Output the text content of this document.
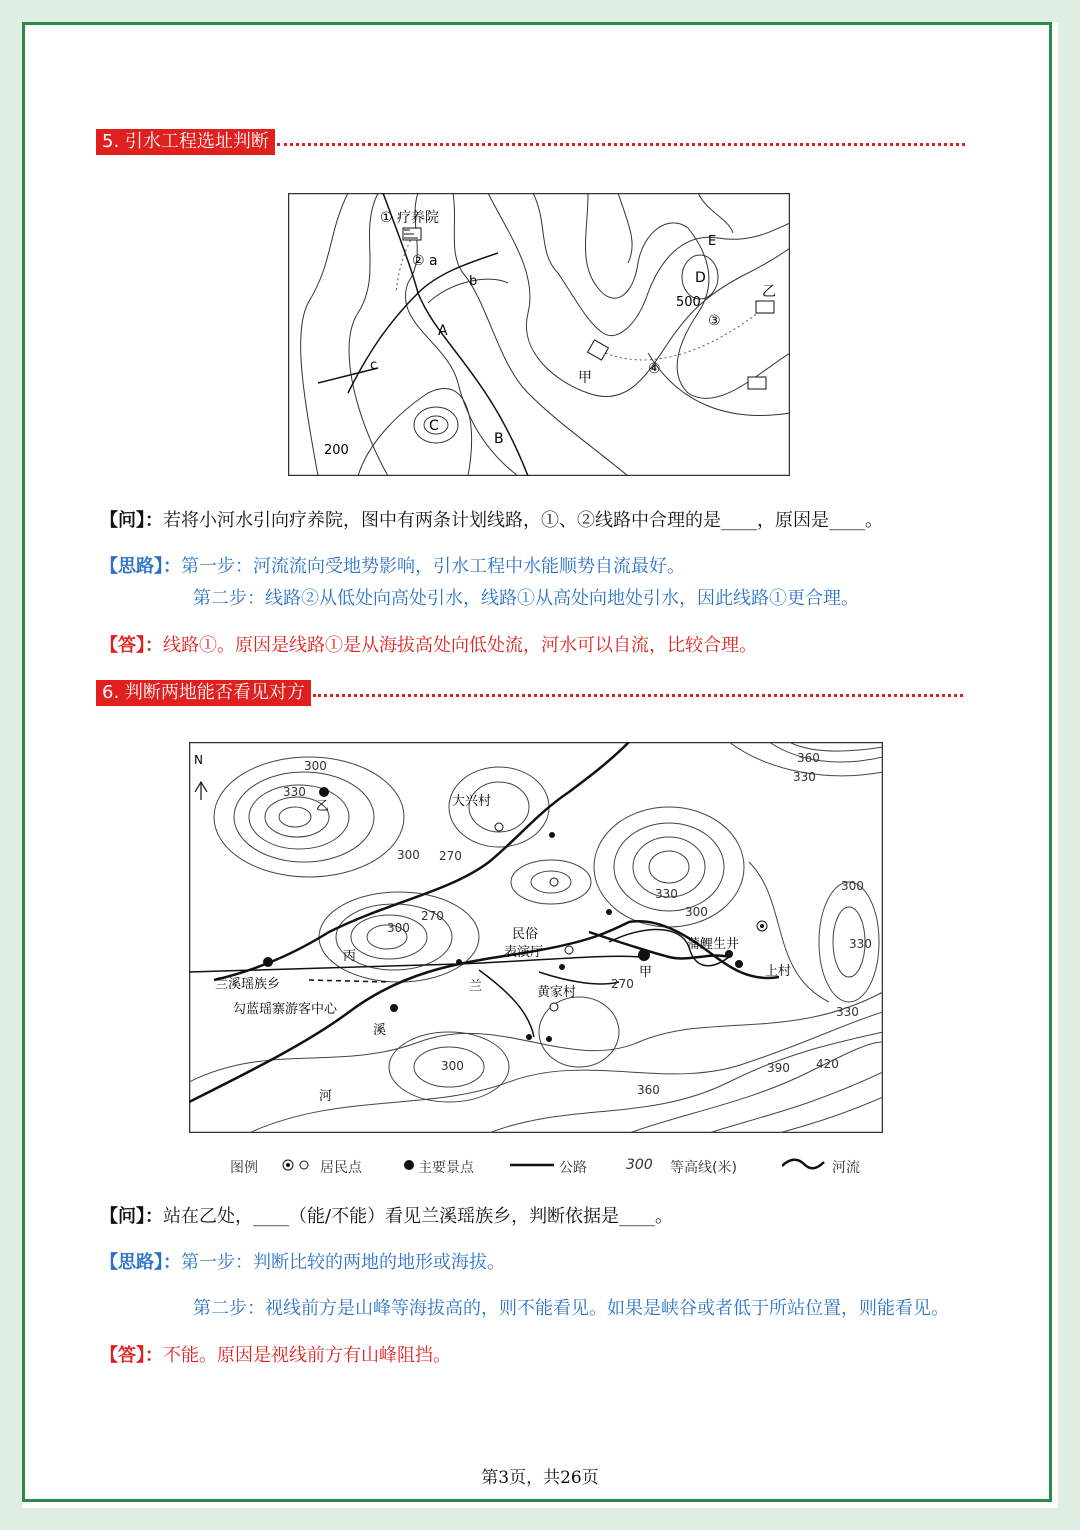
5. 引水工程选址判断
① 疗养院
② a
b
A
c
C
B
D
E
甲
乙
③
④
200
500
【问】：若将小河水引向疗养院，图中有两条计划线路，①、②线路中合理的是____，原因是____。
【思路】：第一步：河流流向受地势影响，引水工程中水能顺势自流最好。
第二步：线路②从低处向高处引水，线路①从高处向地处引水，因此线路①更合理。
【答】：线路①。原因是线路①是从海拔高处向低处流，河水可以自流，比较合理。
6. 判断两地能否看见对方
N
大兴村
民俗
表演厅
蒲鲤生井
上村
黄家村
兰溪瑶族乡
勾蓝瑶寨游客中心
丙
甲
乙
兰
溪
河
300
330
300 270
270
300
330
300
360
330
300
330
270
330
300
360
390 420
图例	居民点	主要景点	公路	300 等高线(米)	河流
【问】：站在乙处，____（能/不能）看见兰溪瑶族乡，判断依据是____。
【思路】：第一步：判断比较的两地的地形或海拔。
第二步：视线前方是山峰等海拔高的，则不能看见。如果是峡谷或者低于所站位置，则能看见。
【答】：不能。原因是视线前方有山峰阻挡。
第3页，共26页
